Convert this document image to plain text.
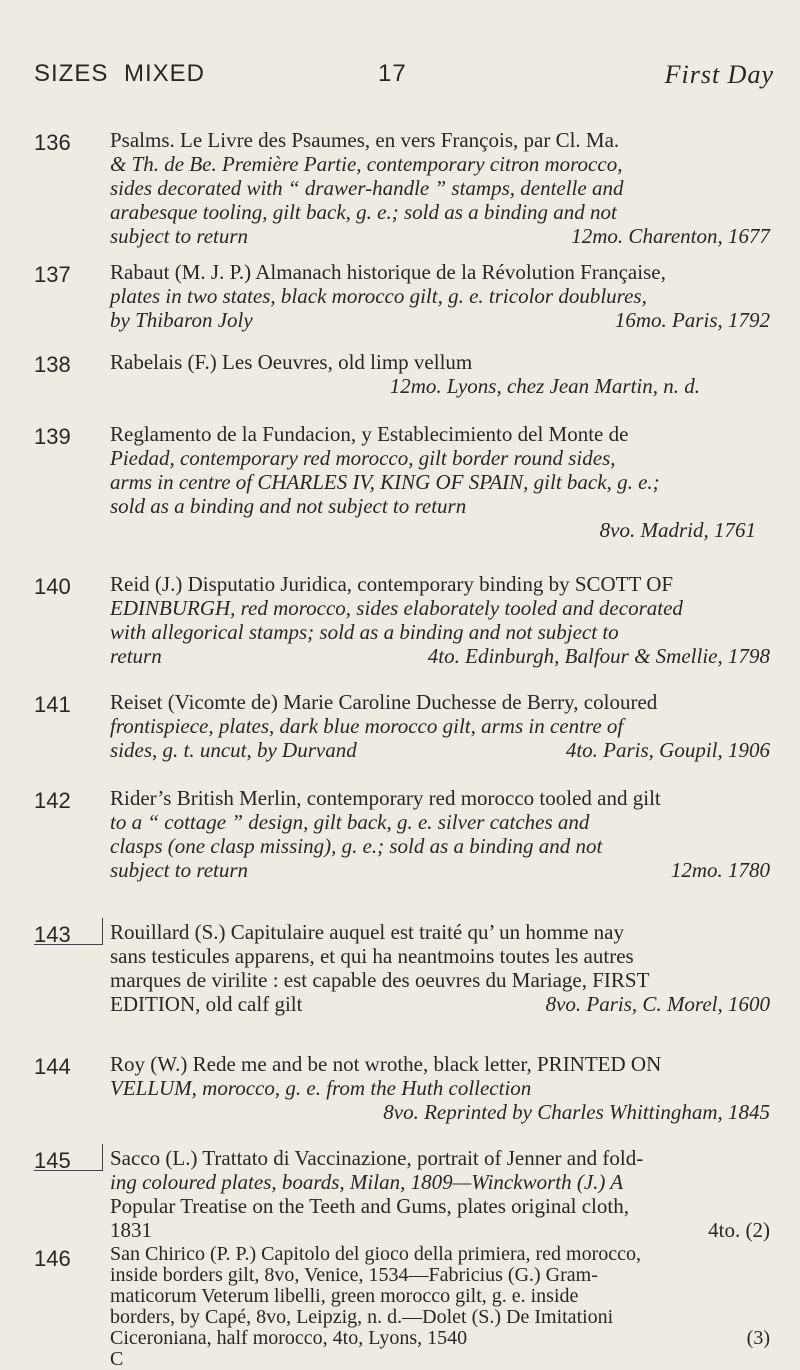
SIZES MIXED	17	First Day
136	Psalms. Le Livre des Psaumes, en vers François, par Cl. Ma.
& Th. de Be. Première Partie, contemporary citron morocco,
sides decorated with “ drawer-handle ” stamps, dentelle and
arabesque tooling, gilt back, g. e.; sold as a binding and not
subject to return	12mo. Charenton, 1677
137	Rabaut (M. J. P.) Almanach historique de la Révolution Française,
plates in two states, black morocco gilt, g. e. tricolor doublures,
by Thibaron Joly	16mo. Paris, 1792
138	Rabelais (F.) Les Oeuvres, old limp vellum
12mo. Lyons, chez Jean Martin, n. d.
139	Reglamento de la Fundacion, y Establecimiento del Monte de
Piedad, contemporary red morocco, gilt border round sides,
arms in centre of CHARLES IV, KING OF SPAIN, gilt back, g. e.;
sold as a binding and not subject to return
8vo. Madrid, 1761
140	Reid (J.) Disputatio Juridica, contemporary binding by SCOTT OF
EDINBURGH, red morocco, sides elaborately tooled and decorated
with allegorical stamps; sold as a binding and not subject to
return	4to. Edinburgh, Balfour & Smellie, 1798
141	Reiset (Vicomte de) Marie Caroline Duchesse de Berry, coloured
frontispiece, plates, dark blue morocco gilt, arms in centre of
sides, g. t. uncut, by Durvand	4to. Paris, Goupil, 1906
142	Rider’s British Merlin, contemporary red morocco tooled and gilt
to a “ cottage ” design, gilt back, g. e. silver catches and
clasps (one clasp missing), g. e.; sold as a binding and not
subject to return	12mo. 1780
143	Rouillard (S.) Capitulaire auquel est traité qu’ un homme nay
sans testicules apparens, et qui ha neantmoins toutes les autres
marques de virilite : est capable des oeuvres du Mariage, FIRST
EDITION, old calf gilt	8vo. Paris, C. Morel, 1600
144	Roy (W.) Rede me and be not wrothe, black letter, PRINTED ON
VELLUM, morocco, g. e. from the Huth collection
8vo. Reprinted by Charles Whittingham, 1845
145	Sacco (L.) Trattato di Vaccinazione, portrait of Jenner and fold-
ing coloured plates, boards, Milan, 1809—Winckworth (J.) A
Popular Treatise on the Teeth and Gums, plates original cloth,
1831	4to. (2)
146	San Chirico (P. P.) Capitolo del gioco della primiera, red morocco,
inside borders gilt, 8vo, Venice, 1534—Fabricius (G.) Gram-
maticorum Veterum libelli, green morocco gilt, g. e. inside
borders, by Capé, 8vo, Leipzig, n. d.—Dolet (S.) De Imitationi
Ciceroniana, half morocco, 4to, Lyons, 1540	(3)
C
